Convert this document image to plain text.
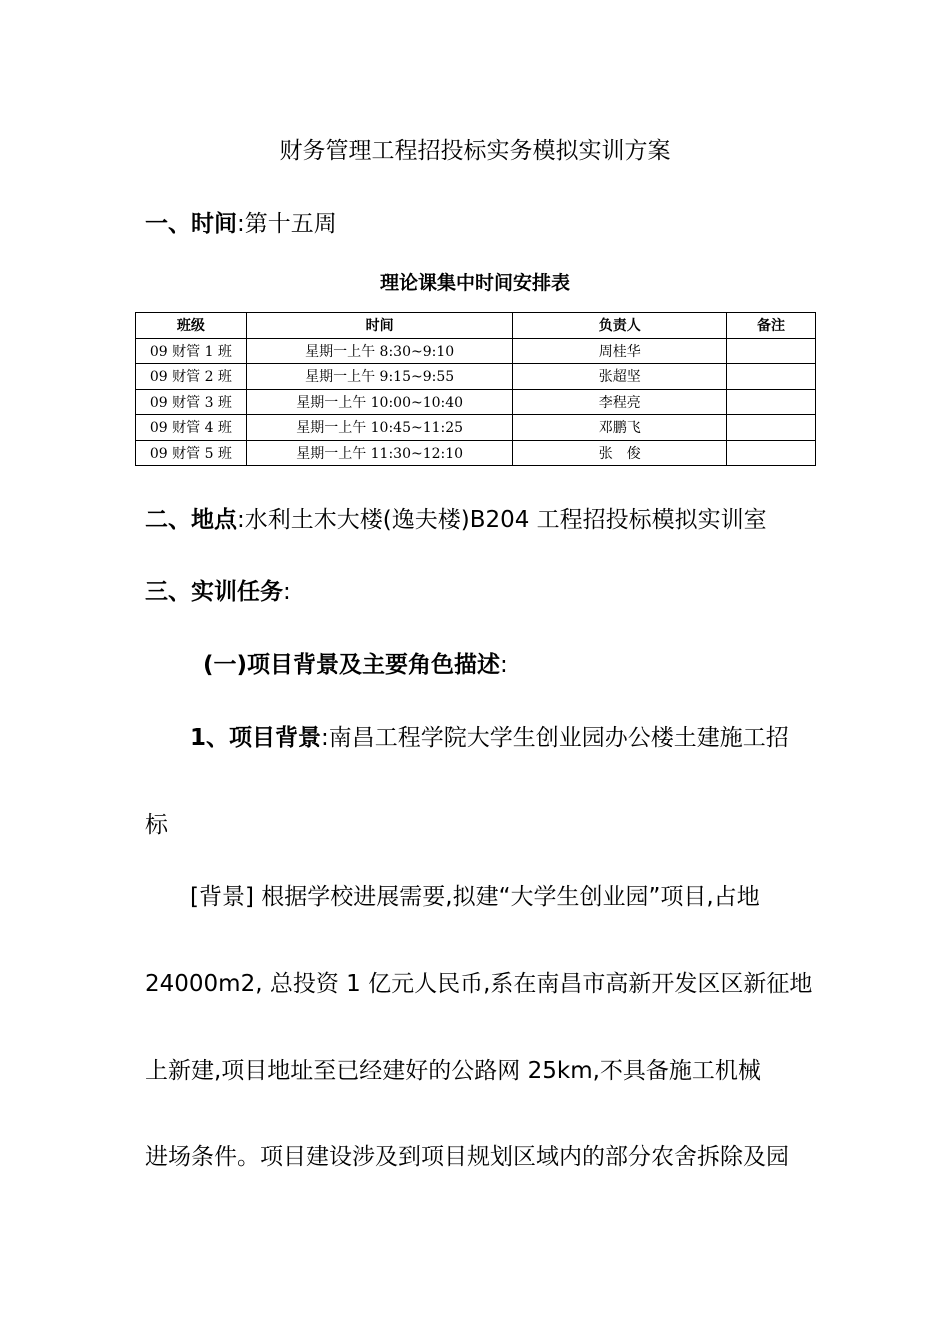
财务管理工程招投标实务模拟实训方案
一、时间:第十五周
理论课集中时间安排表
班级	时间	负责人	备注
09 财管 1 班	星期一上午 8:30~9:10	周桂华	
09 财管 2 班	星期一上午 9:15~9:55	张超坚	
09 财管 3 班	星期一上午 10:00~10:40	李程亮	
09 财管 4 班	星期一上午 10:45~11:25	邓鹏飞	
09 财管 5 班	星期一上午 11:30~12:10	张　俊	
二、地点:水利土木大楼(逸夫楼)B204 工程招投标模拟实训室
三、实训任务:
(一)项目背景及主要角色描述:
1、项目背景:南昌工程学院大学生创业园办公楼土建施工招
标
[背景] 根据学校进展需要,拟建“大学生创业园”项目,占地
24000m2, 总投资 1 亿元人民币,系在南昌市高新开发区区新征地
上新建,项目地址至已经建好的公路网 25km,不具备施工机械
进场条件。项目建设涉及到项目规划区域内的部分农舍拆除及园
